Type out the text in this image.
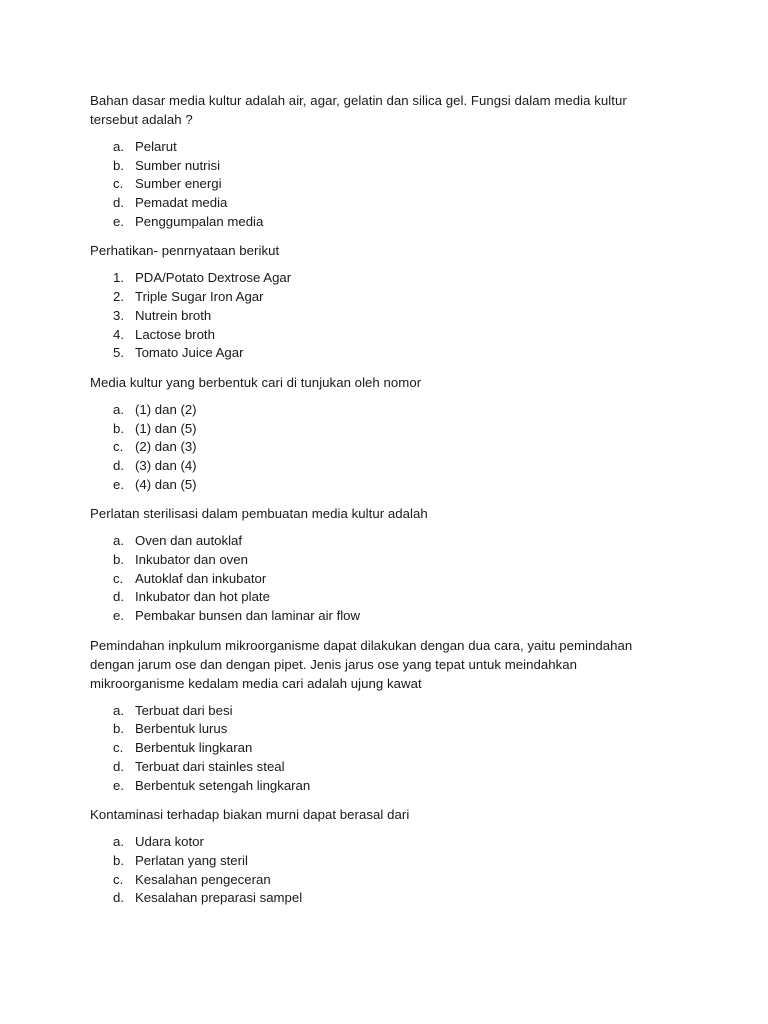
Bahan dasar media kultur adalah air, agar, gelatin dan silica gel. Fungsi dalam media kultur tersebut adalah ?

a. Pelarut
b. Sumber nutrisi
c. Sumber energi
d. Pemadat media
e. Penggumpalan media

Perhatikan- penrnyataan berikut

1. PDA/Potato Dextrose Agar
2. Triple Sugar Iron Agar
3. Nutrein broth
4. Lactose broth
5. Tomato Juice Agar

Media kultur yang berbentuk cari di tunjukan oleh nomor

a. (1) dan (2)
b. (1) dan (5)
c. (2) dan (3)
d. (3) dan (4)
e. (4) dan (5)

Perlatan sterilisasi dalam pembuatan media kultur adalah

a. Oven dan autoklaf
b. Inkubator dan oven
c. Autoklaf dan inkubator
d. Inkubator dan hot plate
e. Pembakar bunsen dan laminar air flow

Pemindahan inpkulum mikroorganisme dapat dilakukan dengan dua cara, yaitu pemindahan dengan jarum ose dan dengan pipet. Jenis jarus ose yang tepat untuk meindahkan mikroorganisme kedalam media cari adalah ujung kawat

a. Terbuat dari besi
b. Berbentuk lurus
c. Berbentuk lingkaran
d. Terbuat dari stainles steal
e. Berbentuk setengah lingkaran

Kontaminasi terhadap biakan murni dapat berasal dari

a. Udara kotor
b. Perlatan yang steril
c. Kesalahan pengeceran
d. Kesalahan preparasi sampel
